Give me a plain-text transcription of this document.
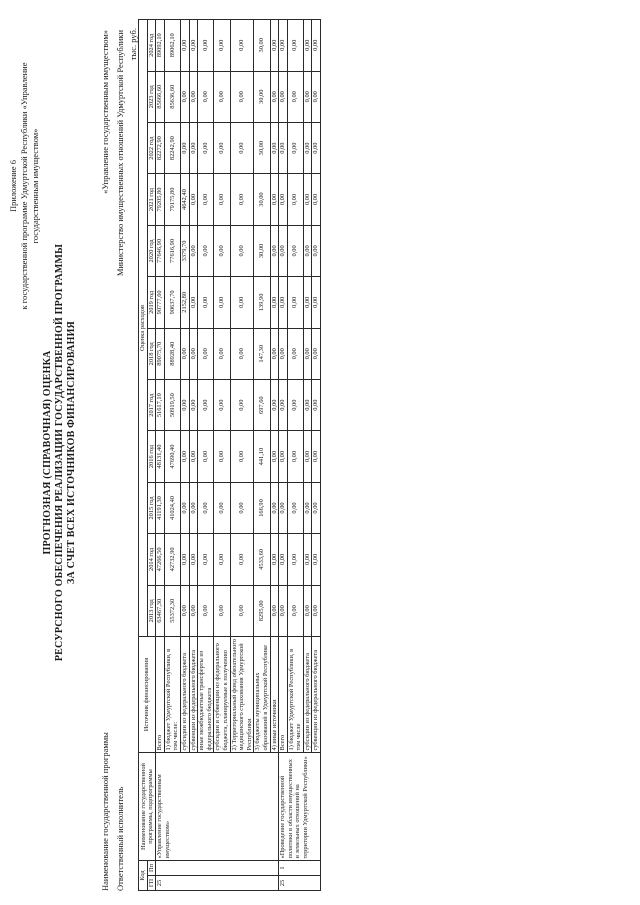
Приложение 6 к государственной программе Удмуртской Республики «Управление государственным имуществом»
ПРОГНОЗНАЯ (СПРАВОЧНАЯ) ОЦЕНКА РЕСУРСНОГО ОБЕСПЕЧЕНИЯ РЕАЛИЗАЦИИ ГОСУДАРСТВЕННОЙ ПРОГРАММЫ ЗА СЧЕТ ВСЕХ ИСТОЧНИКОВ ФИНАНСИРОВАНИЯ
Наименование государственной программы
«Управление государственным имуществом»
Ответственный исполнитель
Министерство имущественных отношений Удмуртской Республики тыс. руб.
Код		Наименование государственной программы, подпрограммы	Источник финансирования	Оценка расходов											
ГП	Пп			2013 год	2014 год	2015 год	2016 год	2017 год	2018 год	2019 год	2020 год	2021 год	2022 год	2023 год	2024 год

25		«Управление государственным имуществом»	Всего	63467,30	47266,50	41191,30	48131,40	51617,10	89075,70	90777,60	77646,90	79205,80	82272,90	85666,60	89092,10
			1) бюджет Удмуртской Республики, в том числе:	55372,30	42732,90	41024,40	47690,40	50919,50	88928,40	90637,70	77616,90	79175,80	82242,90	85636,60	89062,10
			субсидии из федерального бюджета	0,00	0,00	0,00	0,00	0,00	0,00	2152,80	3379,70	4642,40	0,00	0,00	0,00
			субвенции из федерального бюджета	0,00	0,00	0,00	0,00	0,00	0,00	0,00	0,00	0,00	0,00	0,00	0,00
			иные межбюджетные трансферты из федерального бюджета	0,00	0,00	0,00	0,00	0,00	0,00	0,00	0,00	0,00	0,00	0,00	0,00
			субсидии и субвенции из федерального бюджета, планируемые к получению	0,00	0,00	0,00	0,00	0,00	0,00	0,00	0,00	0,00	0,00	0,00	0,00
			2) Территориальный фонд обязательного медицинского страхования Удмуртской Республики	0,00	0,00	0,00	0,00	0,00	0,00	0,00	0,00	0,00	0,00	0,00	0,00
			3) бюджеты муниципальных образований в Удмуртской Республике	8295,00	4533,60	166,90	441,10	697,60	147,30	139,90	30,00	30,00	30,00	30,00	30,00
			4) иные источники	0,00	0,00	0,00	0,00	0,00	0,00	0,00	0,00	0,00	0,00	0,00	0,00
25	1	«Проведение государственной политики в области имущественных и земельных отношений на территории Удмуртской Республики»	Всего	0,00	0,00	0,00	0,00	0,00	0,00	0,00	0,00	0,00	0,00	0,00	0,00
			1) бюджет Удмуртской Республики, в том числе	0,00	0,00	0,00	0,00	0,00	0,00	0,00	0,00	0,00	0,00	0,00	0,00
			субсидии из федерального бюджета	0,00	0,00	0,00	0,00	0,00	0,00	0,00	0,00	0,00	0,00	0,00	0,00
			субвенции из федерального бюджета	0,00	0,00	0,00	0,00	0,00	0,00	0,00	0,00	0,00	0,00	0,00	0,00
